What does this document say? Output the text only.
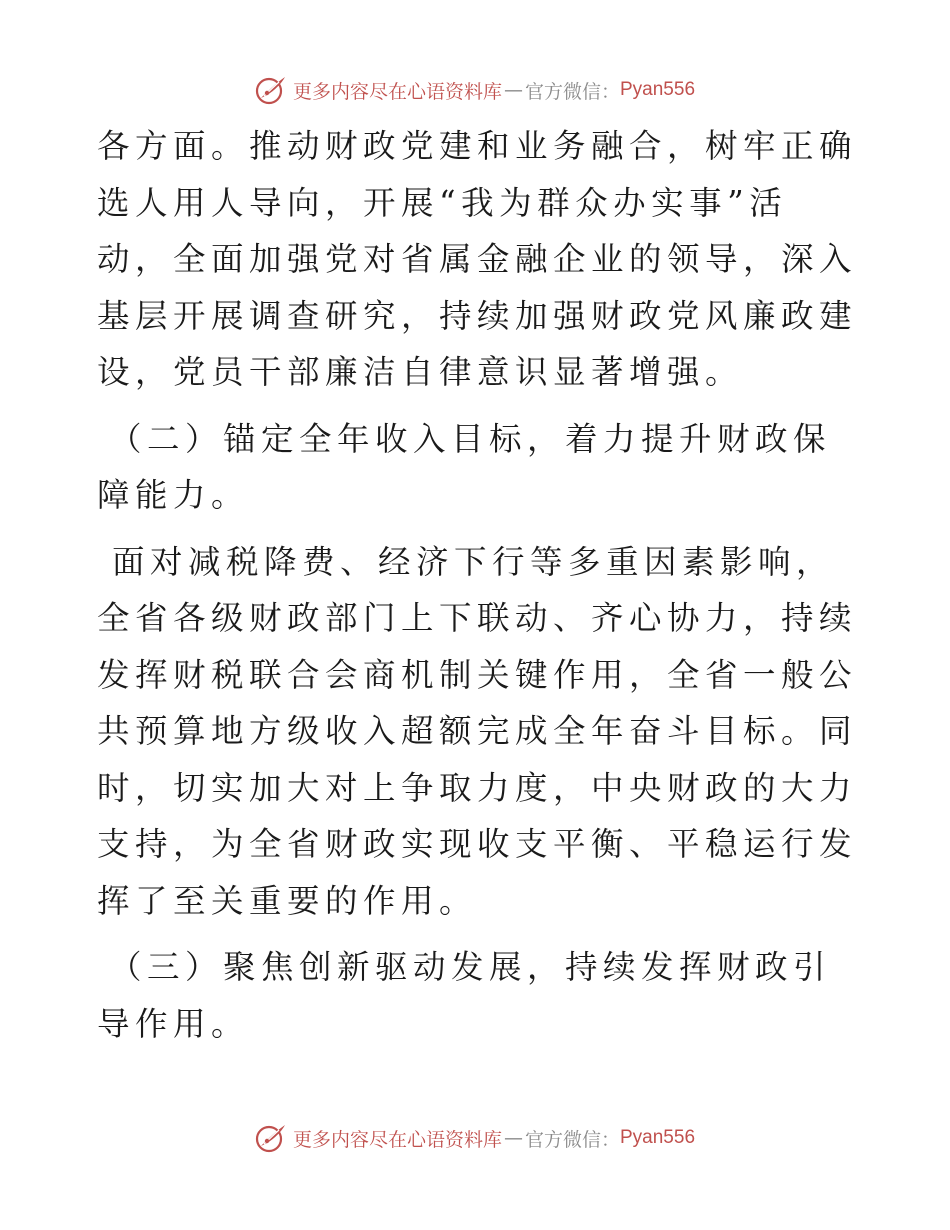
更多内容尽在心语资料库 — 官方微信： Pyan556

各方面。推动财政党建和业务融合，树牢正确选人用人导向，开展“我为群众办实事”活动，全面加强党对省属金融企业的领导，深入基层开展调查研究，持续加强财政党风廉政建设，党员干部廉洁自律意识显著增强。

（二）锚定全年收入目标，着力提升财政保障能力。

面对减税降费、经济下行等多重因素影响，全省各级财政部门上下联动、齐心协力，持续发挥财税联合会商机制关键作用，全省一般公共预算地方级收入超额完成全年奋斗目标。同时，切实加大对上争取力度，中央财政的大力支持，为全省财政实现收支平衡、平稳运行发挥了至关重要的作用。

（三）聚焦创新驱动发展，持续发挥财政引导作用。

更多内容尽在心语资料库 — 官方微信： Pyan556
